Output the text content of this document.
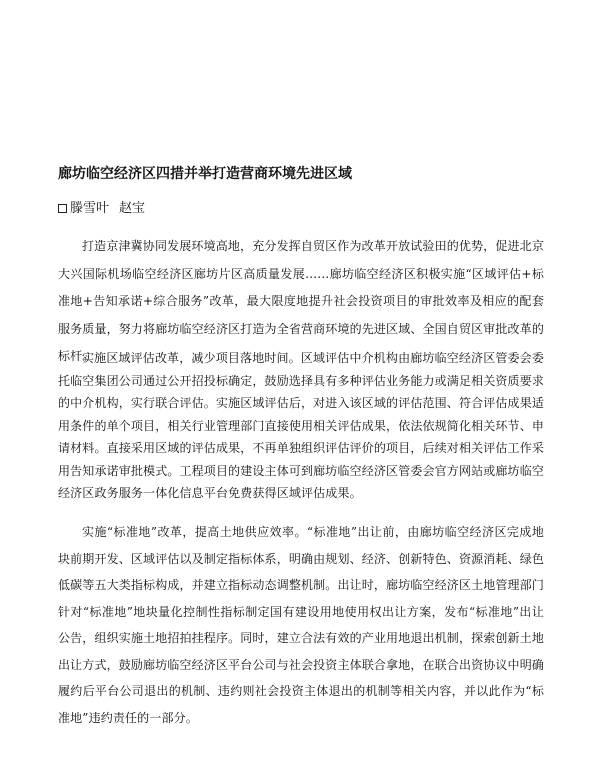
廊坊临空经济区四措并举打造营商环境先进区域
滕雪叶 赵宝

打造京津冀协同发展环境高地，充分发挥自贸区作为改革开放试验田的优势，促进北京大兴国际机场临空经济区廊坊片区高质量发展……廊坊临空经济区积极实施“区域评估+标准地+告知承诺+综合服务”改革，最大限度地提升社会投资项目的审批效率及相应的配套服务质量，努力将廊坊临空经济区打造为全省营商环境的先进区域、全国自贸区审批改革的标杆。

实施区域评估改革，减少项目落地时间。区域评估中介机构由廊坊临空经济区管委会委托临空集团公司通过公开招投标确定，鼓励选择具有多种评估业务能力或满足相关资质要求的中介机构，实行联合评估。实施区域评估后，对进入该区域的评估范围、符合评估成果适用条件的单个项目，相关行业管理部门直接使用相关评估成果，依法依规简化相关环节、申请材料。直接采用区域的评估成果，不再单独组织评估评价的项目，后续对相关评估工作采用告知承诺审批模式。工程项目的建设主体可到廊坊临空经济区管委会官方网站或廊坊临空经济区政务服务一体化信息平台免费获得区域评估成果。

实施“标准地”改革，提高土地供应效率。“标准地”出让前，由廊坊临空经济区完成地块前期开发、区域评估以及制定指标体系，明确由规划、经济、创新特色、资源消耗、绿色低碳等五大类指标构成，并建立指标动态调整机制。出让时，廊坊临空经济区土地管理部门针对“标准地”地块量化控制性指标制定国有建设用地使用权出让方案，发布“标准地”出让公告，组织实施土地招拍挂程序。同时，建立合法有效的产业用地退出机制，探索创新土地出让方式，鼓励廊坊临空经济区平台公司与社会投资主体联合拿地，在联合出资协议中明确履约后平台公司退出的机制、违约则社会投资主体退出的机制等相关内容，并以此作为“标准地”违约责任的一部分。
